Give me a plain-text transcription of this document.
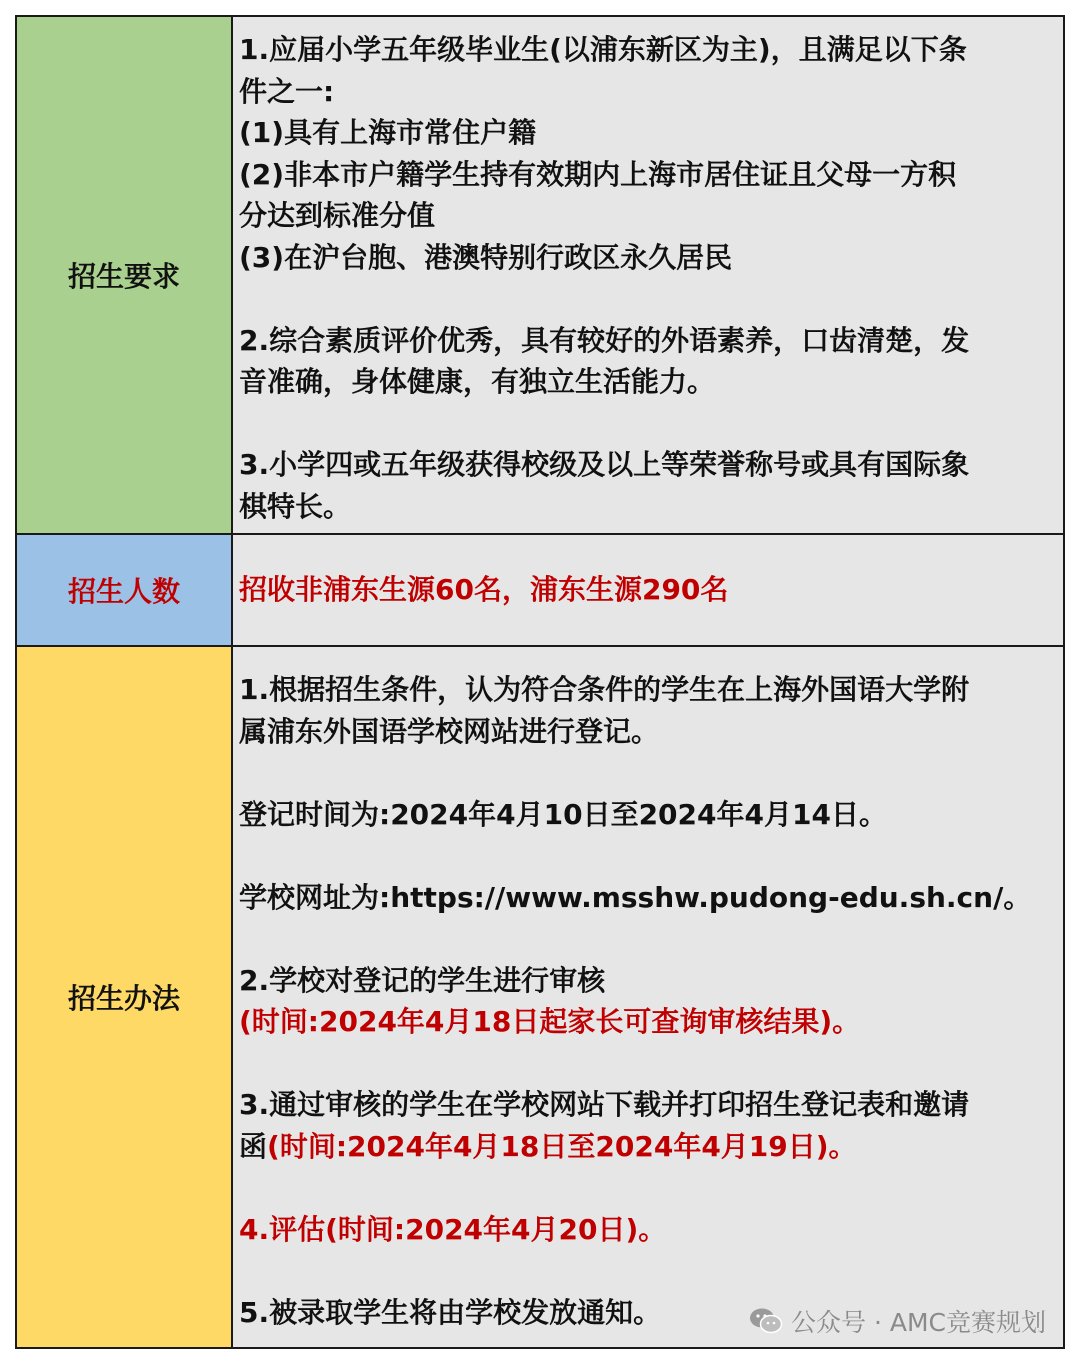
招生要求

1.应届小学五年级毕业生(以浦东新区为主)，且满足以下条

件之一:

(1)具有上海市常住户籍

(2)非本市户籍学生持有效期内上海市居住证且父母一方积

分达到标准分值

(3)在沪台胞、港澳特别行政区永久居民

2.综合素质评价优秀，具有较好的外语素养，口齿清楚，发

音准确，身体健康，有独立生活能力。

3.小学四或五年级获得校级及以上等荣誉称号或具有国际象

棋特长。

招生人数	招收非浦东生源60名，浦东生源290名
招生办法

1.根据招生条件，认为符合条件的学生在上海外国语大学附

属浦东外国语学校网站进行登记。

登记时间为:2024年4月10日至2024年4月14日。

学校网址为:https://www.msshw.pudong-edu.sh.cn/。

2.学校对登记的学生进行审核

(时间:2024年4月18日起家长可查询审核结果)。

3.通过审核的学生在学校网站下载并打印招生登记表和邀请

函(时间:2024年4月18日至2024年4月19日)。

4.评估(时间:2024年4月20日)。

5.被录取学生将由学校发放通知。	公众号 · AMC竞赛规划
